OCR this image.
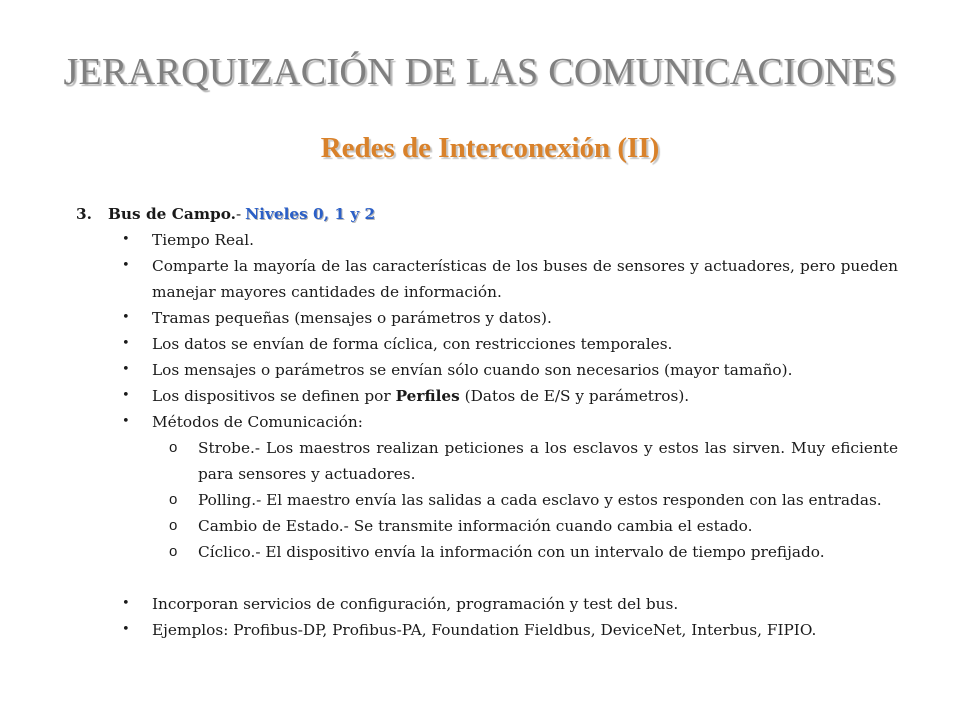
JERARQUIZACIÓN DE LAS COMUNICACIONES
Redes de Interconexión (II)
3.	Bus de Campo. - Niveles 0, 1 y 2
• Tiempo Real.
• Comparte la mayoría de las características de los buses de sensores y actuadores, pero pueden manejar mayores cantidades de información.
• Tramas pequeñas (mensajes o parámetros y datos).
• Los datos se envían de forma cíclica, con restricciones temporales.
• Los mensajes o parámetros se envían sólo cuando son necesarios (mayor tamaño).
• Los dispositivos se definen por Perfiles (Datos de E/S y parámetros).
• Métodos de Comunicación:
o Strobe.- Los maestros realizan peticiones a los esclavos y estos las sirven. Muy eficiente para sensores y actuadores.
o Polling.- El maestro envía las salidas a cada esclavo y estos responden con las entradas.
o Cambio de Estado.- Se transmite información cuando cambia el estado.
o Cíclico.- El dispositivo envía la información con un intervalo de tiempo prefijado.
• Incorporan servicios de configuración, programación y test del bus.
• Ejemplos: Profibus-DP, Profibus-PA, Foundation Fieldbus, DeviceNet, Interbus, FIPIO.
